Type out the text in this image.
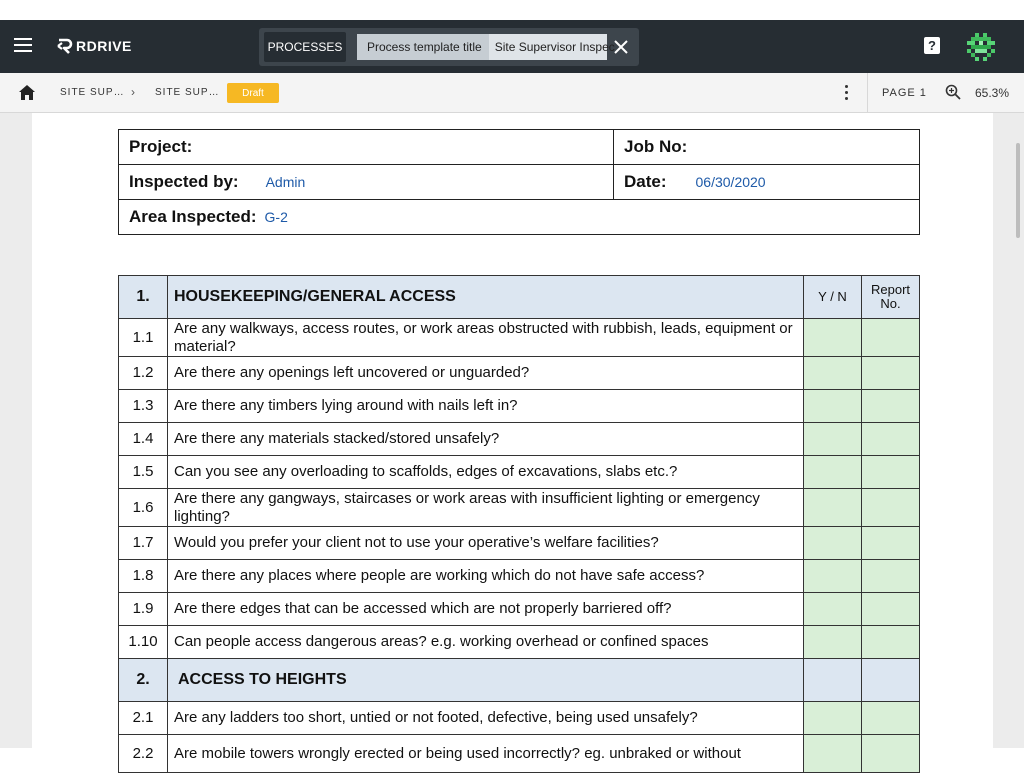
RDRIVE	PROCESSES	Process template title	Site Supervisor Inspec	?
SITE SUP… › SITE SUP…	Draft	PAGE 1	65.3%
Project:	Job No:
Inspected by: Admin	Date: 06/30/2020
Area Inspected: G-2	
1.	HOUSEKEEPING/GENERAL ACCESS	Y / N	Report No.
1.1	Are any walkways, access routes, or work areas obstructed with rubbish, leads, equipment or material?		
1.2	Are there any openings left uncovered or unguarded?		
1.3	Are there any timbers lying around with nails left in?		
1.4	Are there any materials stacked/stored unsafely?		
1.5	Can you see any overloading to scaffolds, edges of excavations, slabs etc.?		
1.6	Are there any gangways, staircases or work areas with insufficient lighting or emergency lighting?		
1.7	Would you prefer your client not to use your operative’s welfare facilities?		
1.8	Are there any places where people are working which do not have safe access?		
1.9	Are there edges that can be accessed which are not properly barriered off?		
1.10	Can people access dangerous areas? e.g. working overhead or confined spaces		
2.	ACCESS TO HEIGHTS		
2.1	Are any ladders too short, untied or not footed, defective, being used unsafely?		
2.2	Are mobile towers wrongly erected or being used incorrectly? eg. unbraked or without		
